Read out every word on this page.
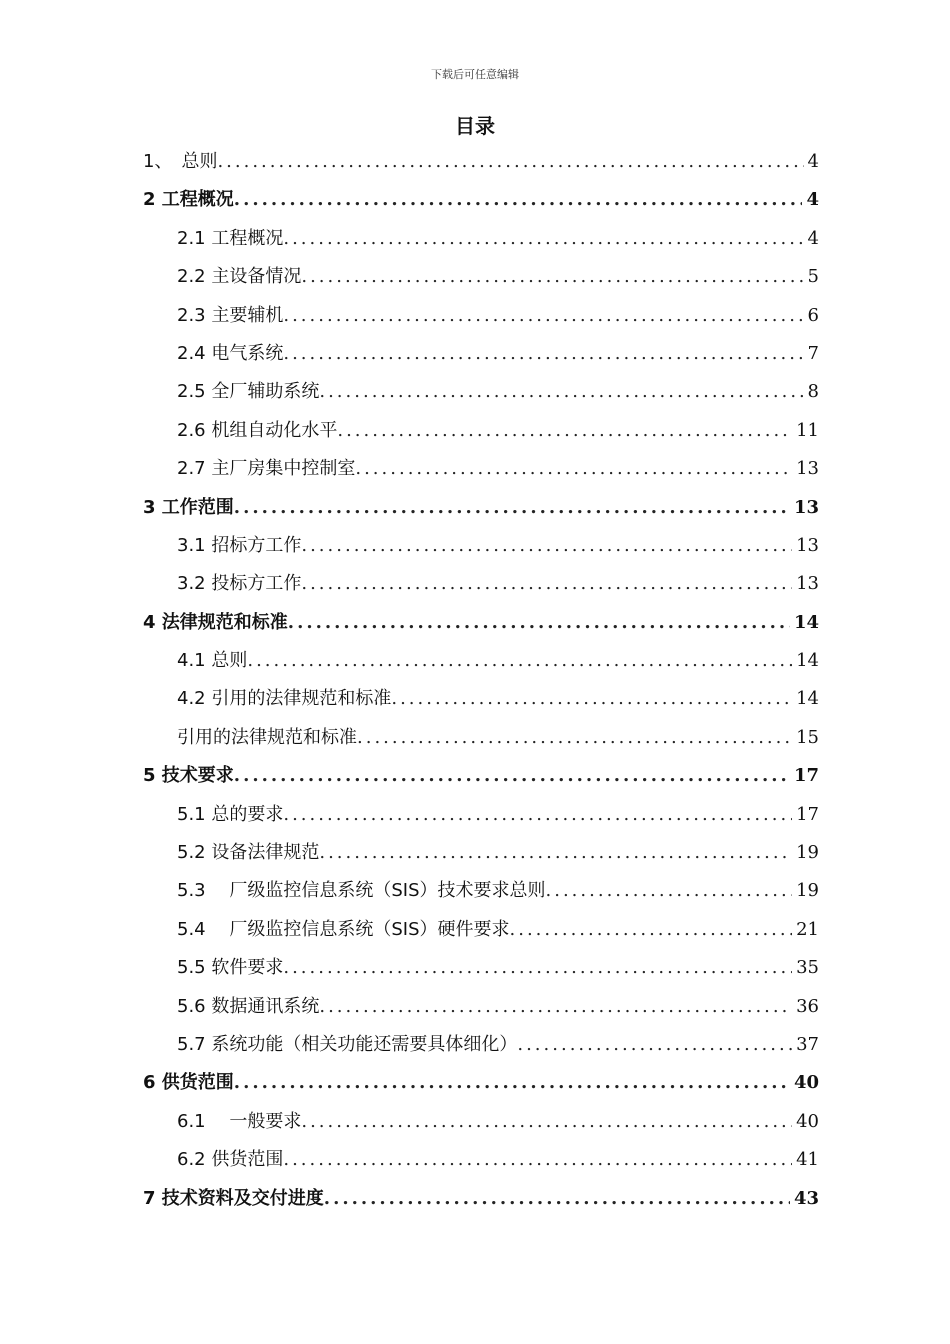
下载后可任意编辑
目录
1、　总则 .....	4
2 工程概况 .....	4
2.1 工程概况 .....	4
2.2 主设备情况 .....	5
2.3 主要辅机 .....	6
2.4 电气系统 .....	7
2.5 全厂辅助系统 .....	8
2.6 机组自动化水平 .....	11
2.7 主厂房集中控制室 .....	13
3 工作范围 .....	13
3.1 招标方工作 .....	13
3.2 投标方工作 .....	13
4 法律规范和标准 .....	14
4.1 总则 .....	14
4.2 引用的法律规范和标准 .....	14
引用的法律规范和标准 .....	15
5 技术要求 .....	17
5.1 总的要求 .....	17
5.2 设备法律规范 .....	19
5.3　 厂级监控信息系统（SIS）技术要求总则 .....	19
5.4　 厂级监控信息系统（SIS）硬件要求 .....	21
5.5 软件要求 .....	35
5.6 数据通讯系统 .....	36
5.7 系统功能（相关功能还需要具体细化） .....	37
6 供货范围 .....	40
6.1　 一般要求 .....	40
6.2 供货范围 .....	41
7 技术资料及交付进度 .....	43
